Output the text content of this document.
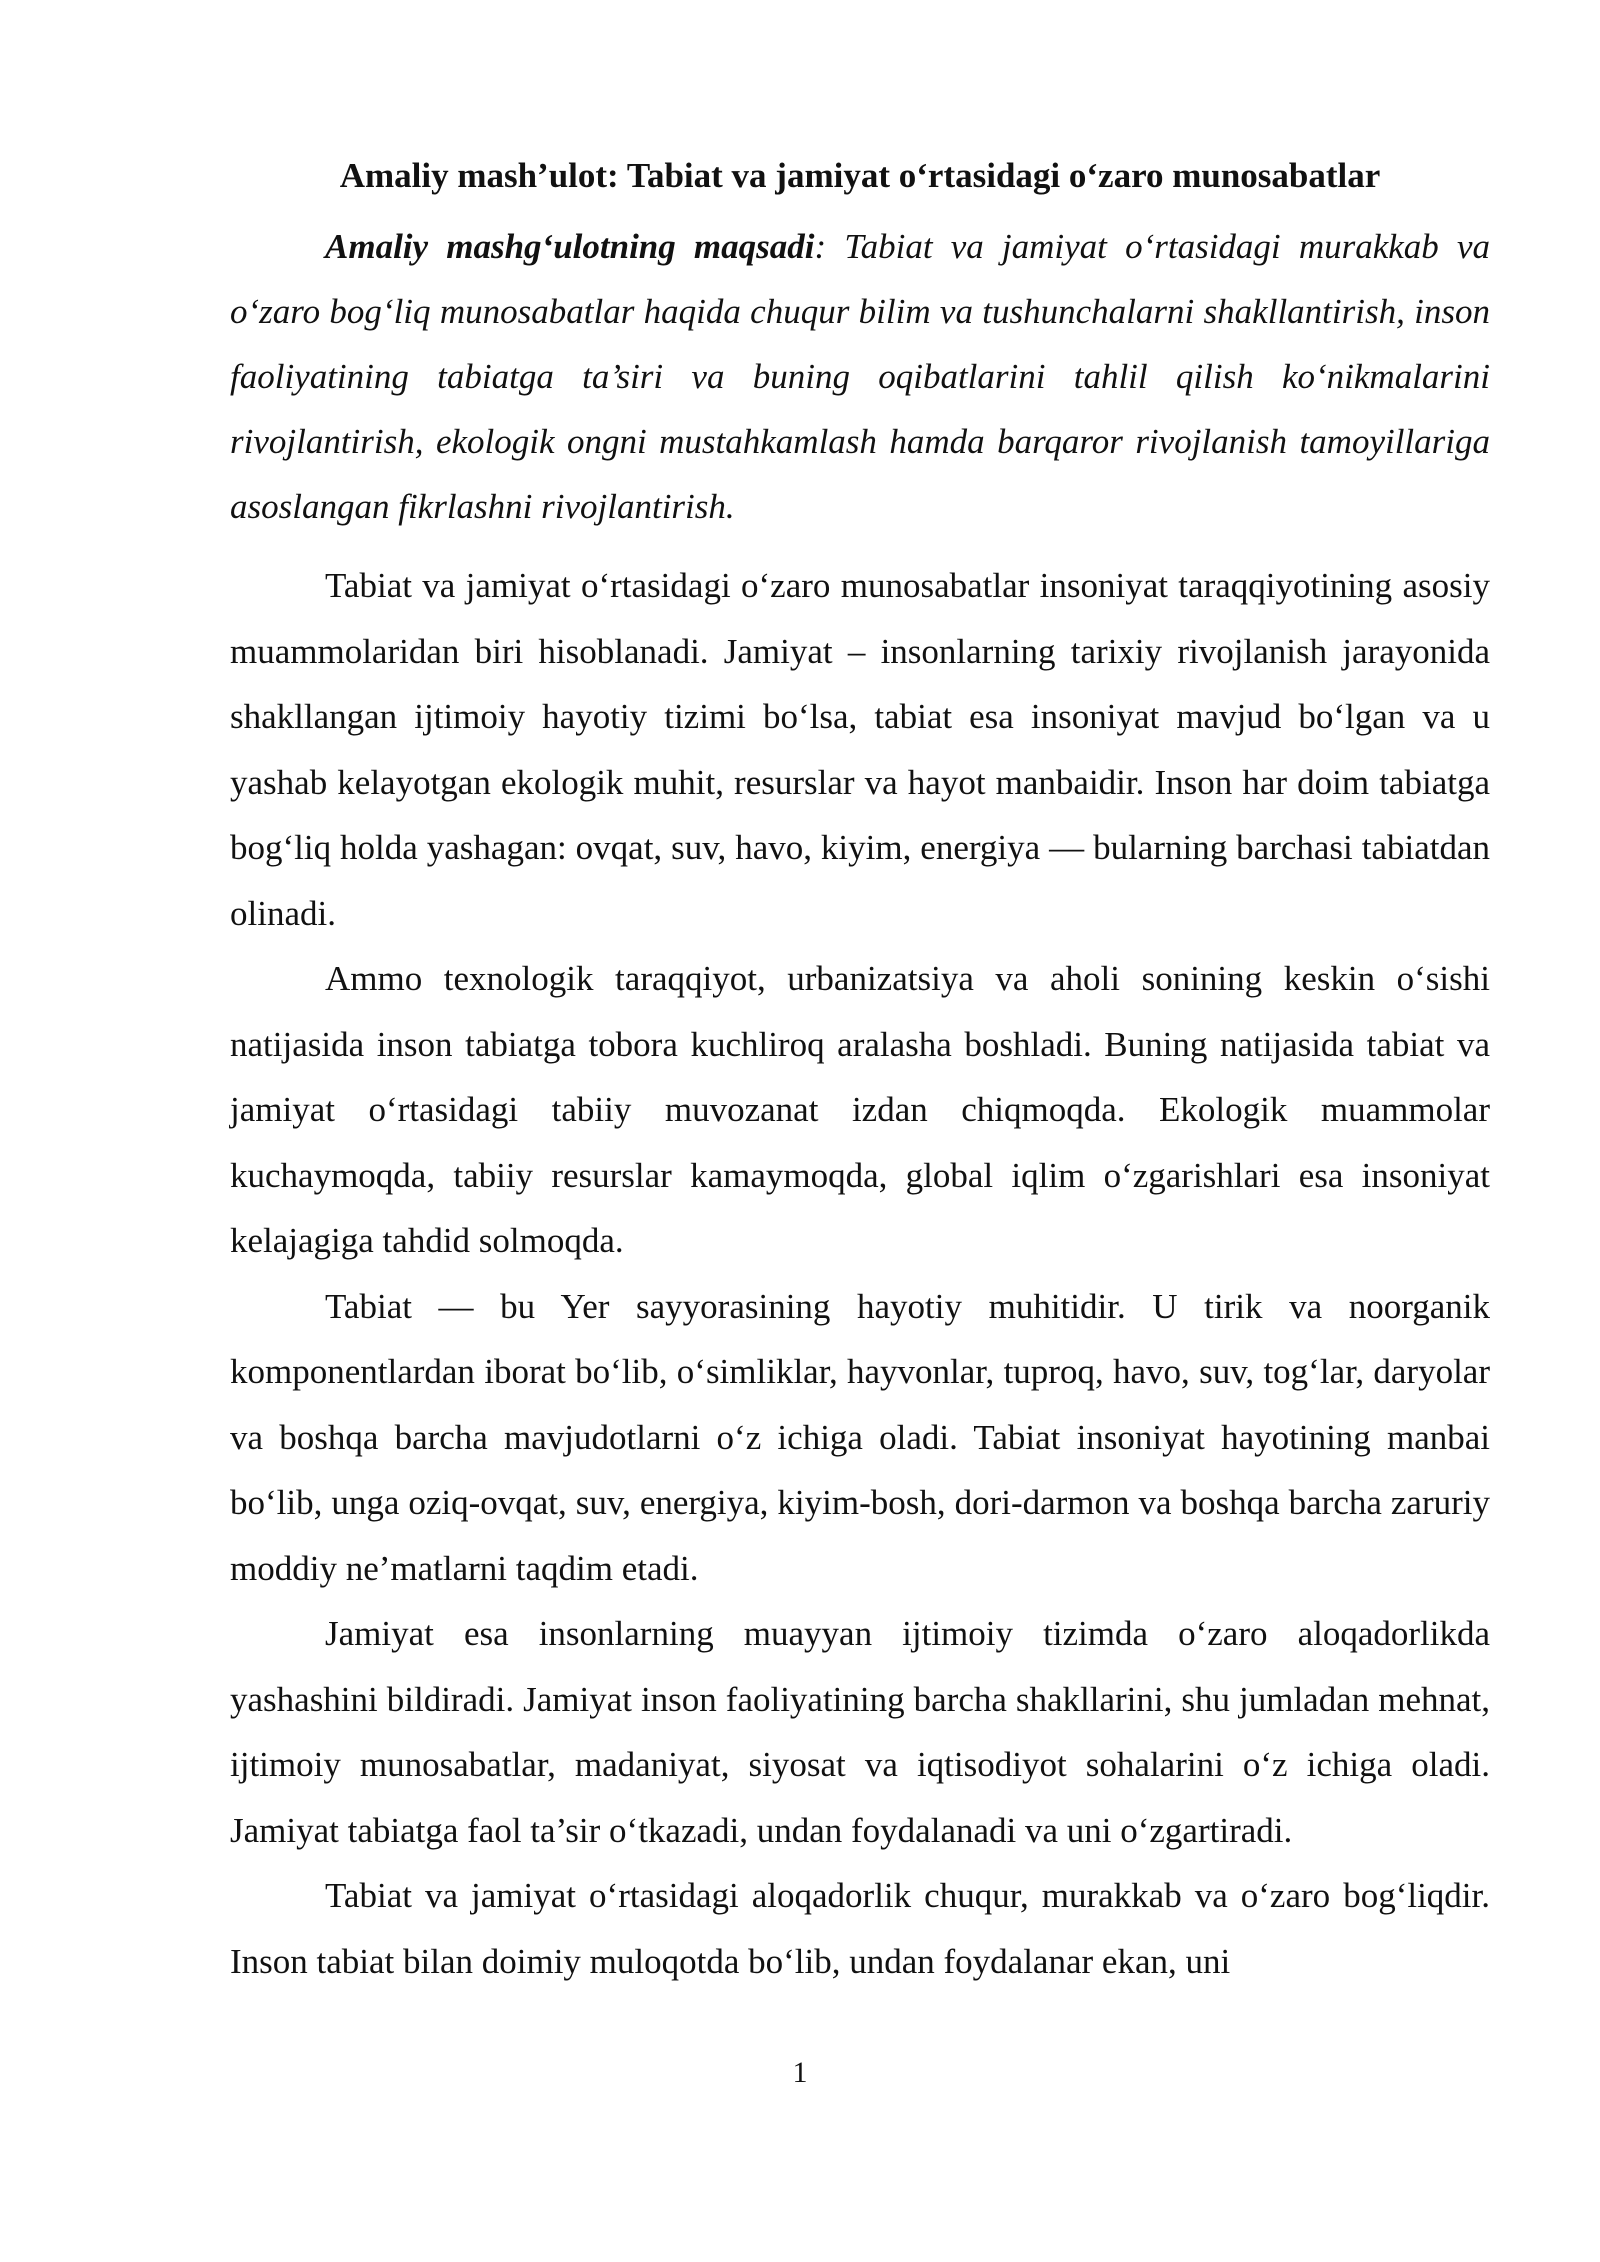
Amaliy mash’ulot: Tabiat va jamiyat o‘rtasidagi o‘zaro munosabatlar

Amaliy mashg‘ulotning maqsadi: Tabiat va jamiyat o‘rtasidagi murakkab va o‘zaro bog‘liq munosabatlar haqida chuqur bilim va tushunchalarni shakllantirish, inson faoliyatining tabiatga ta’siri va buning oqibatlarini tahlil qilish ko‘nikmalarini rivojlantirish, ekologik ongni mustahkamlash hamda barqaror rivojlanish tamoyillariga asoslangan fikrlashni rivojlantirish.

Tabiat va jamiyat o‘rtasidagi o‘zaro munosabatlar insoniyat taraqqiyotining asosiy muammolaridan biri hisoblanadi. Jamiyat – insonlarning tarixiy rivojlanish jarayonida shakllangan ijtimoiy hayotiy tizimi bo‘lsa, tabiat esa insoniyat mavjud bo‘lgan va u yashab kelayotgan ekologik muhit, resurslar va hayot manbaidir. Inson har doim tabiatga bog‘liq holda yashagan: ovqat, suv, havo, kiyim, energiya — bularning barchasi tabiatdan olinadi.

Ammo texnologik taraqqiyot, urbanizatsiya va aholi sonining keskin o‘sishi natijasida inson tabiatga tobora kuchliroq aralasha boshladi. Buning natijasida tabiat va jamiyat o‘rtasidagi tabiiy muvozanat izdan chiqmoqda. Ekologik muammolar kuchaymoqda, tabiiy resurslar kamaymoqda, global iqlim o‘zgarishlari esa insoniyat kelajagiga tahdid solmoqda.

Tabiat — bu Yer sayyorasining hayotiy muhitidir. U tirik va noorganik komponentlardan iborat bo‘lib, o‘simliklar, hayvonlar, tuproq, havo, suv, tog‘lar, daryolar va boshqa barcha mavjudotlarni o‘z ichiga oladi. Tabiat insoniyat hayotining manbai bo‘lib, unga oziq-ovqat, suv, energiya, kiyim-bosh, dori-darmon va boshqa barcha zaruriy moddiy ne’matlarni taqdim etadi.

Jamiyat esa insonlarning muayyan ijtimoiy tizimda o‘zaro aloqadorlikda yashashini bildiradi. Jamiyat inson faoliyatining barcha shakllarini, shu jumladan mehnat, ijtimoiy munosabatlar, madaniyat, siyosat va iqtisodiyot sohalarini o‘z ichiga oladi. Jamiyat tabiatga faol ta’sir o‘tkazadi, undan foydalanadi va uni o‘zgartiradi.

Tabiat va jamiyat o‘rtasidagi aloqadorlik chuqur, murakkab va o‘zaro bog‘liqdir. Inson tabiat bilan doimiy muloqotda bo‘lib, undan foydalanar ekan, uni

1
